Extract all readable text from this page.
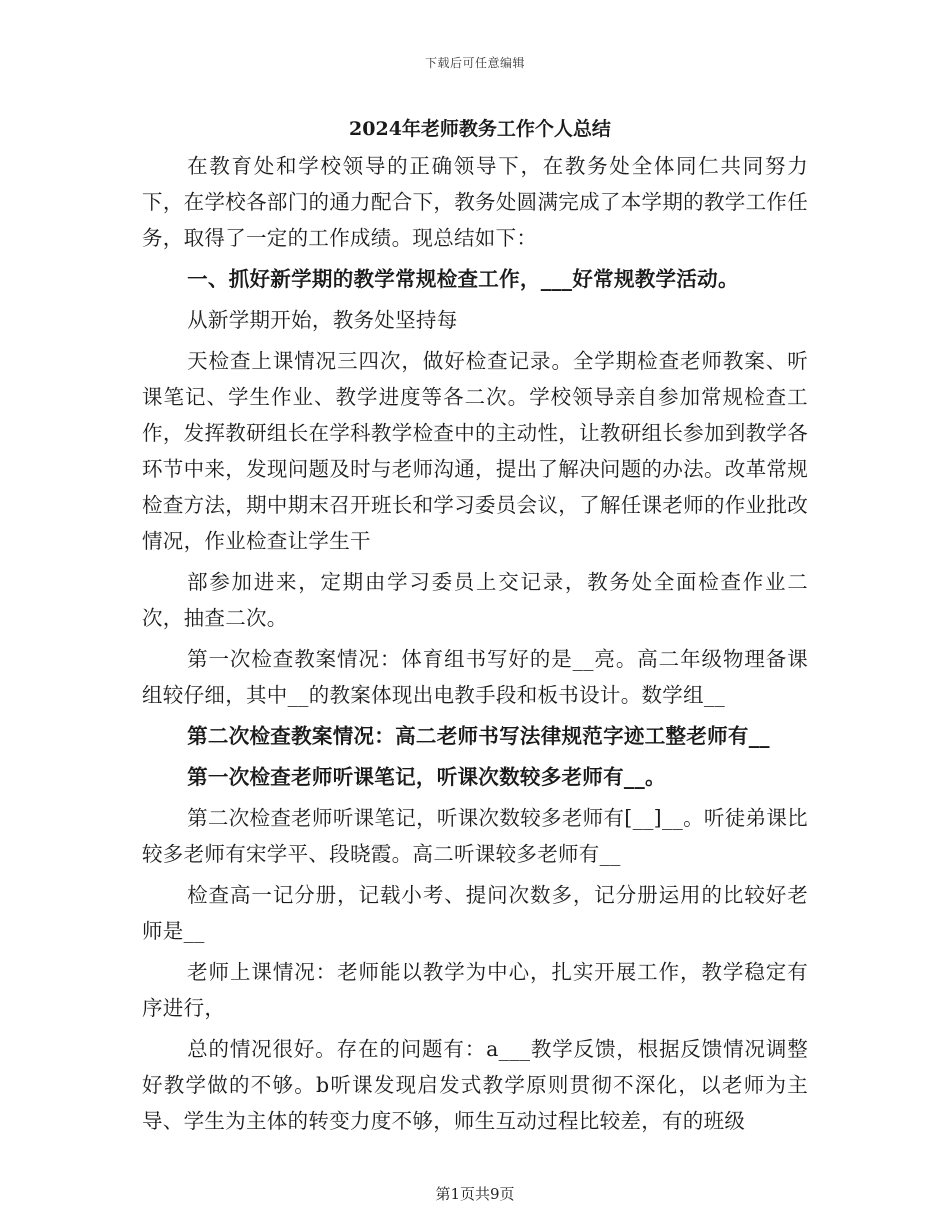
下载后可任意编辑
2024年老师教务工作个人总结
在教育处和学校领导的正确领导下，在教务处全体同仁共同努力下，在学校各部门的通力配合下，教务处圆满完成了本学期的教学工作任务，取得了一定的工作成绩。现总结如下：
一、抓好新学期的教学常规检查工作，___好常规教学活动。
从新学期开始，教务处坚持每
天检查上课情况三四次，做好检查记录。全学期检查老师教案、听课笔记、学生作业、教学进度等各二次。学校领导亲自参加常规检查工作，发挥教研组长在学科教学检查中的主动性，让教研组长参加到教学各环节中来，发现问题及时与老师沟通，提出了解决问题的办法。改革常规检查方法，期中期末召开班长和学习委员会议，了解任课老师的作业批改情况，作业检查让学生干
部参加进来，定期由学习委员上交记录，教务处全面检查作业二次，抽查二次。
第一次检查教案情况：体育组书写好的是__亮。高二年级物理备课组较仔细，其中__的教案体现出电教手段和板书设计。数学组__
第二次检查教案情况：高二老师书写法律规范字迹工整老师有__
第一次检查老师听课笔记，听课次数较多老师有__。
第二次检查老师听课笔记，听课次数较多老师有[__]__。听徒弟课比较多老师有宋学平、段晓霞。高二听课较多老师有__
检查高一记分册，记载小考、提问次数多，记分册运用的比较好老师是__
老师上课情况：老师能以教学为中心，扎实开展工作，教学稳定有序进行，
总的情况很好。存在的问题有：a___教学反馈，根据反馈情况调整好教学做的不够。b听课发现启发式教学原则贯彻不深化，以老师为主导、学生为主体的转变力度不够，师生互动过程比较差，有的班级
第1页共9页
